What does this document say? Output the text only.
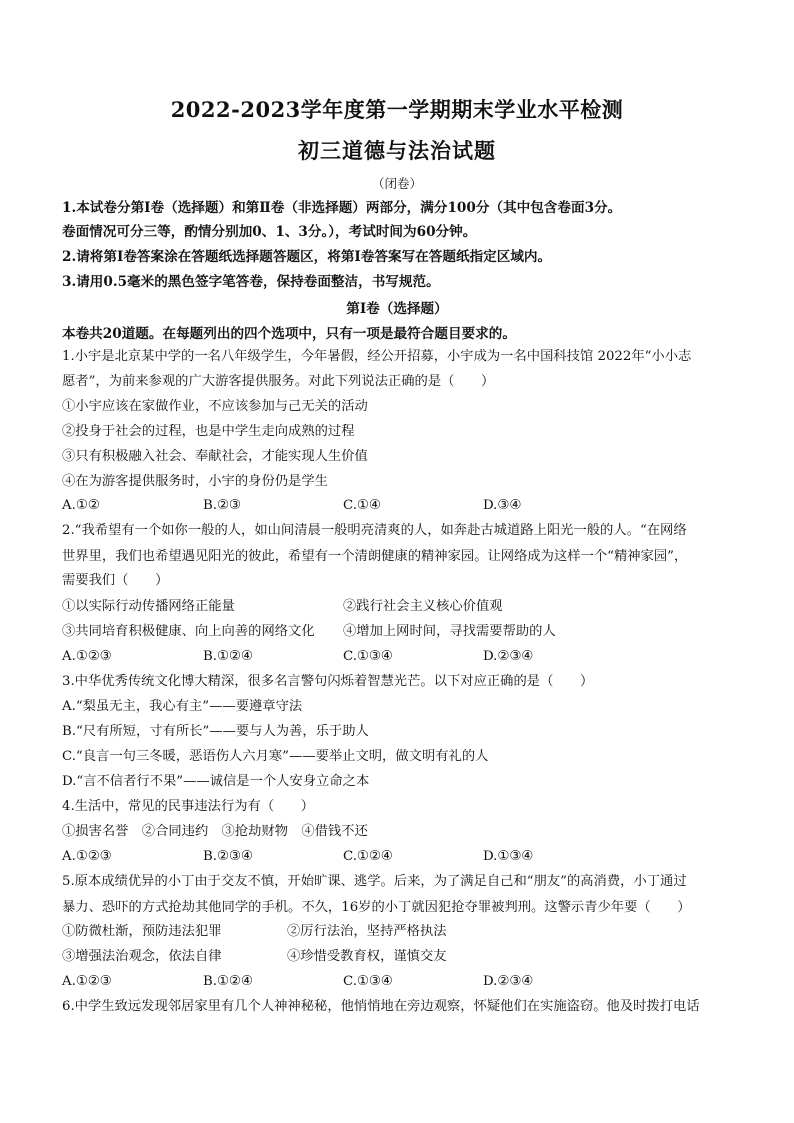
2022-2023学年度第一学期期末学业水平检测
初三道德与法治试题
（闭卷）
1.本试卷分第Ⅰ卷（选择题）和第Ⅱ卷（非选择题）两部分，满分100分（其中包含卷面3分。
卷面情况可分三等，酌情分别加0、1、3分。），考试时间为60分钟。
2.请将第Ⅰ卷答案涂在答题纸选择题答题区，将第Ⅰ卷答案写在答题纸指定区域内。
3.请用0.5毫米的黑色签字笔答卷，保持卷面整洁，书写规范。
第Ⅰ卷（选择题）
本卷共20道题。在每题列出的四个选项中，只有一项是最符合题目要求的。
1.小宇是北京某中学的一名八年级学生，今年暑假，经公开招募，小宇成为一名中国科技馆 2022年“小小志
愿者”，为前来参观的广大游客提供服务。对此下列说法正确的是（　　）
①小宇应该在家做作业，不应该参加与己无关的活动
②投身于社会的过程，也是中学生走向成熟的过程
③只有积极融入社会、奉献社会，才能实现人生价值
④在为游客提供服务时，小宇的身份仍是学生
A.①②	B.②③	C.①④	D.③④
2.“我希望有一个如你一般的人，如山间清晨一般明亮清爽的人，如奔赴古城道路上阳光一般的人。“在网络
世界里，我们也希望遇见阳光的彼此，希望有一个清朗健康的精神家园。让网络成为这样一个“精神家园”，
需要我们（　　）
①以实际行动传播网络正能量	②践行社会主义核心价值观
③共同培育积极健康、向上向善的网络文化 ④增加上网时间，寻找需要帮助的人
A.①②③	B.①②④	C.①③④	D.②③④
3.中华优秀传统文化博大精深，很多名言警句闪烁着智慧光芒。以下对应正确的是（　　）
A.“梨虽无主，我心有主”——要遵章守法
B.“尺有所短，寸有所长”——要与人为善，乐于助人
C.“良言一句三冬暖，恶语伤人六月寒”——要举止文明，做文明有礼的人
D.“言不信者行不果”——诚信是一个人安身立命之本
4.生活中，常见的民事违法行为有（　　）
①损害名誉　②合同违约　③抢劫财物　④借钱不还
A.①②③	B.②③④	C.①②④	D.①③④
5.原本成绩优异的小丁由于交友不慎，开始旷课、逃学。后来，为了满足自己和“朋友”的高消费，小丁通过
暴力、恐吓的方式抢劫其他同学的手机。不久，16岁的小丁就因犯抢夺罪被判刑。这警示青少年要（　　）
①防微杜渐，预防违法犯罪	②厉行法治，坚持严格执法
③增强法治观念，依法自律	④珍惜受教育权，谨慎交友
A.①②③	B.①②④	C.①③④	D.②③④
6.中学生致远发现邻居家里有几个人神神秘秘，他悄悄地在旁边观察，怀疑他们在实施盗窃。他及时拨打电话
